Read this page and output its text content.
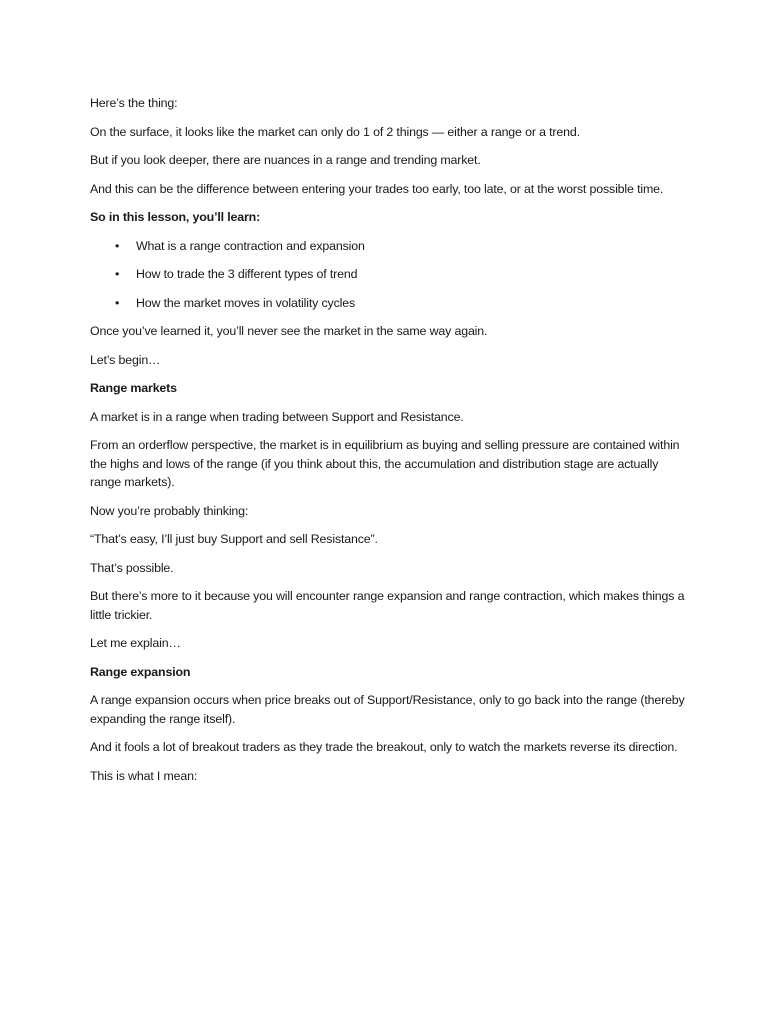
Here’s the thing:

On the surface, it looks like the market can only do 1 of 2 things — either a range or a trend.

But if you look deeper, there are nuances in a range and trending market.

And this can be the difference between entering your trades too early, too late, or at the worst possible time.

So in this lesson, you’ll learn:

• What is a range contraction and expansion
• How to trade the 3 different types of trend
• How the market moves in volatility cycles

Once you’ve learned it, you’ll never see the market in the same way again.

Let’s begin…

Range markets

A market is in a range when trading between Support and Resistance.

From an orderflow perspective, the market is in equilibrium as buying and selling pressure are contained within the highs and lows of the range (if you think about this, the accumulation and distribution stage are actually range markets).

Now you’re probably thinking:

“That’s easy, I’ll just buy Support and sell Resistance”.

That’s possible.

But there’s more to it because you will encounter range expansion and range contraction, which makes things a little trickier.

Let me explain…

Range expansion

A range expansion occurs when price breaks out of Support/Resistance, only to go back into the range (thereby expanding the range itself).

And it fools a lot of breakout traders as they trade the breakout, only to watch the markets reverse its direction.

This is what I mean:
